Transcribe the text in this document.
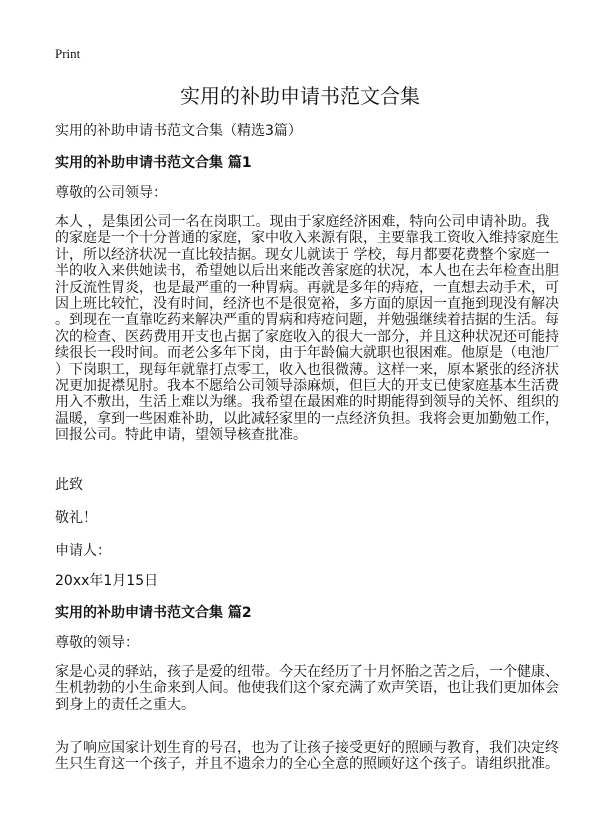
Print
实用的补助申请书范文合集
实用的补助申请书范文合集（精选3篇）
实用的补助申请书范文合集 篇1
尊敬的公司领导：
本人 ，是集团公司一名在岗职工。现由于家庭经济困难，特向公司申请补助。我
的家庭是一个十分普通的家庭，家中收入来源有限，主要靠我工资收入维持家庭生
计，所以经济状况一直比较拮据。现女儿就读于 学校，每月都要花费整个家庭一
半的收入来供她读书，希望她以后出来能改善家庭的状况，本人也在去年检查出胆
汁反流性胃炎，也是最严重的一种胃病。再就是多年的痔疮，一直想去动手术，可
因上班比较忙，没有时间，经济也不是很宽裕，多方面的原因一直拖到现没有解决
。到现在一直靠吃药来解决严重的胃病和痔疮问题，并勉强继续着拮据的生活。每
次的检查、医药费用开支也占据了家庭收入的很大一部分，并且这种状况还可能持
续很长一段时间。而老公多年下岗，由于年龄偏大就职也很困难。他原是（电池厂
）下岗职工，现每年就靠打点零工，收入也很微薄。这样一来，原本紧张的经济状
况更加捉襟见肘。我本不愿给公司领导添麻烦，但巨大的开支已使家庭基本生活费
用入不敷出，生活上难以为继。我希望在最困难的时期能得到领导的关怀、组织的
温暖，拿到一些困难补助，以此减轻家里的一点经济负担。我将会更加勤勉工作，
回报公司。特此申请，望领导核查批准。
此致
敬礼！
申请人：
20xx年1月15日
实用的补助申请书范文合集 篇2
尊敬的领导：
家是心灵的驿站，孩子是爱的纽带。今天在经历了十月怀胎之苦之后，一个健康、
生机勃勃的小生命来到人间。他使我们这个家充满了欢声笑语，也让我们更加体会
到身上的责任之重大。
为了响应国家计划生育的号召，也为了让孩子接受更好的照顾与教育，我们决定终
生只生育这一个孩子，并且不遗余力的全心全意的照顾好这个孩子。请组织批准。
